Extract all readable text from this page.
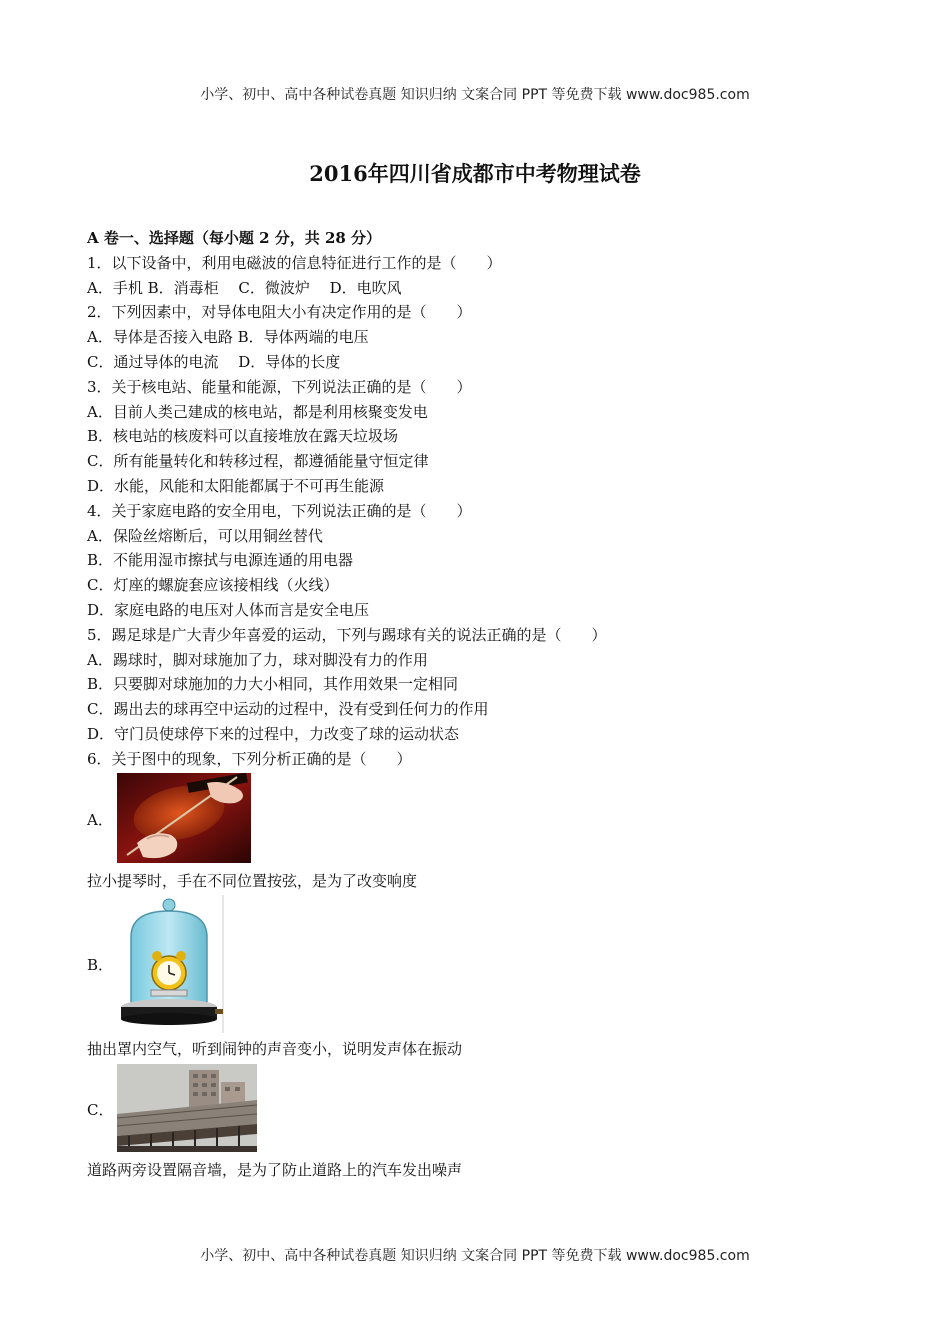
小学、初中、高中各种试卷真题 知识归纳 文案合同 PPT 等免费下载 www.doc985.com
2016年四川省成都市中考物理试卷
A 卷一、选择题（每小题 2 分，共 28 分）
1．以下设备中，利用电磁波的信息特征进行工作的是（　　）
A．手机 B．消毒柜　 C．微波炉　 D．电吹风
2．下列因素中，对导体电阻大小有决定作用的是（　　）
A．导体是否接入电路 B．导体两端的电压
C．通过导体的电流　 D．导体的长度
3．关于核电站、能量和能源，下列说法正确的是（　　）
A．目前人类己建成的核电站，都是利用核聚变发电
B．核电站的核废料可以直接堆放在露天垃圾场
C．所有能量转化和转移过程，都遵循能量守恒定律
D．水能，风能和太阳能都属于不可再生能源
4．关于家庭电路的安全用电，下列说法正确的是（　　）
A．保险丝熔断后，可以用铜丝替代
B．不能用湿市擦拭与电源连通的用电器
C．灯座的螺旋套应该接相线（火线）
D．家庭电路的电压对人体而言是安全电压
5．踢足球是广大青少年喜爱的运动，下列与踢球有关的说法正确的是（　　）
A．踢球时，脚对球施加了力，球对脚没有力的作用
B．只要脚对球施加的力大小相同，其作用效果一定相同
C．踢出去的球再空中运动的过程中，没有受到任何力的作用
D．守门员使球停下来的过程中，力改变了球的运动状态
6．关于图中的现象，下列分析正确的是（　　）
A．
拉小提琴时，手在不同位置按弦，是为了改变响度
B．
抽出罩内空气，听到闹钟的声音变小，说明发声体在振动
C．
道路两旁设置隔音墙，是为了防止道路上的汽车发出噪声
小学、初中、高中各种试卷真题 知识归纳 文案合同 PPT 等免费下载 www.doc985.com
